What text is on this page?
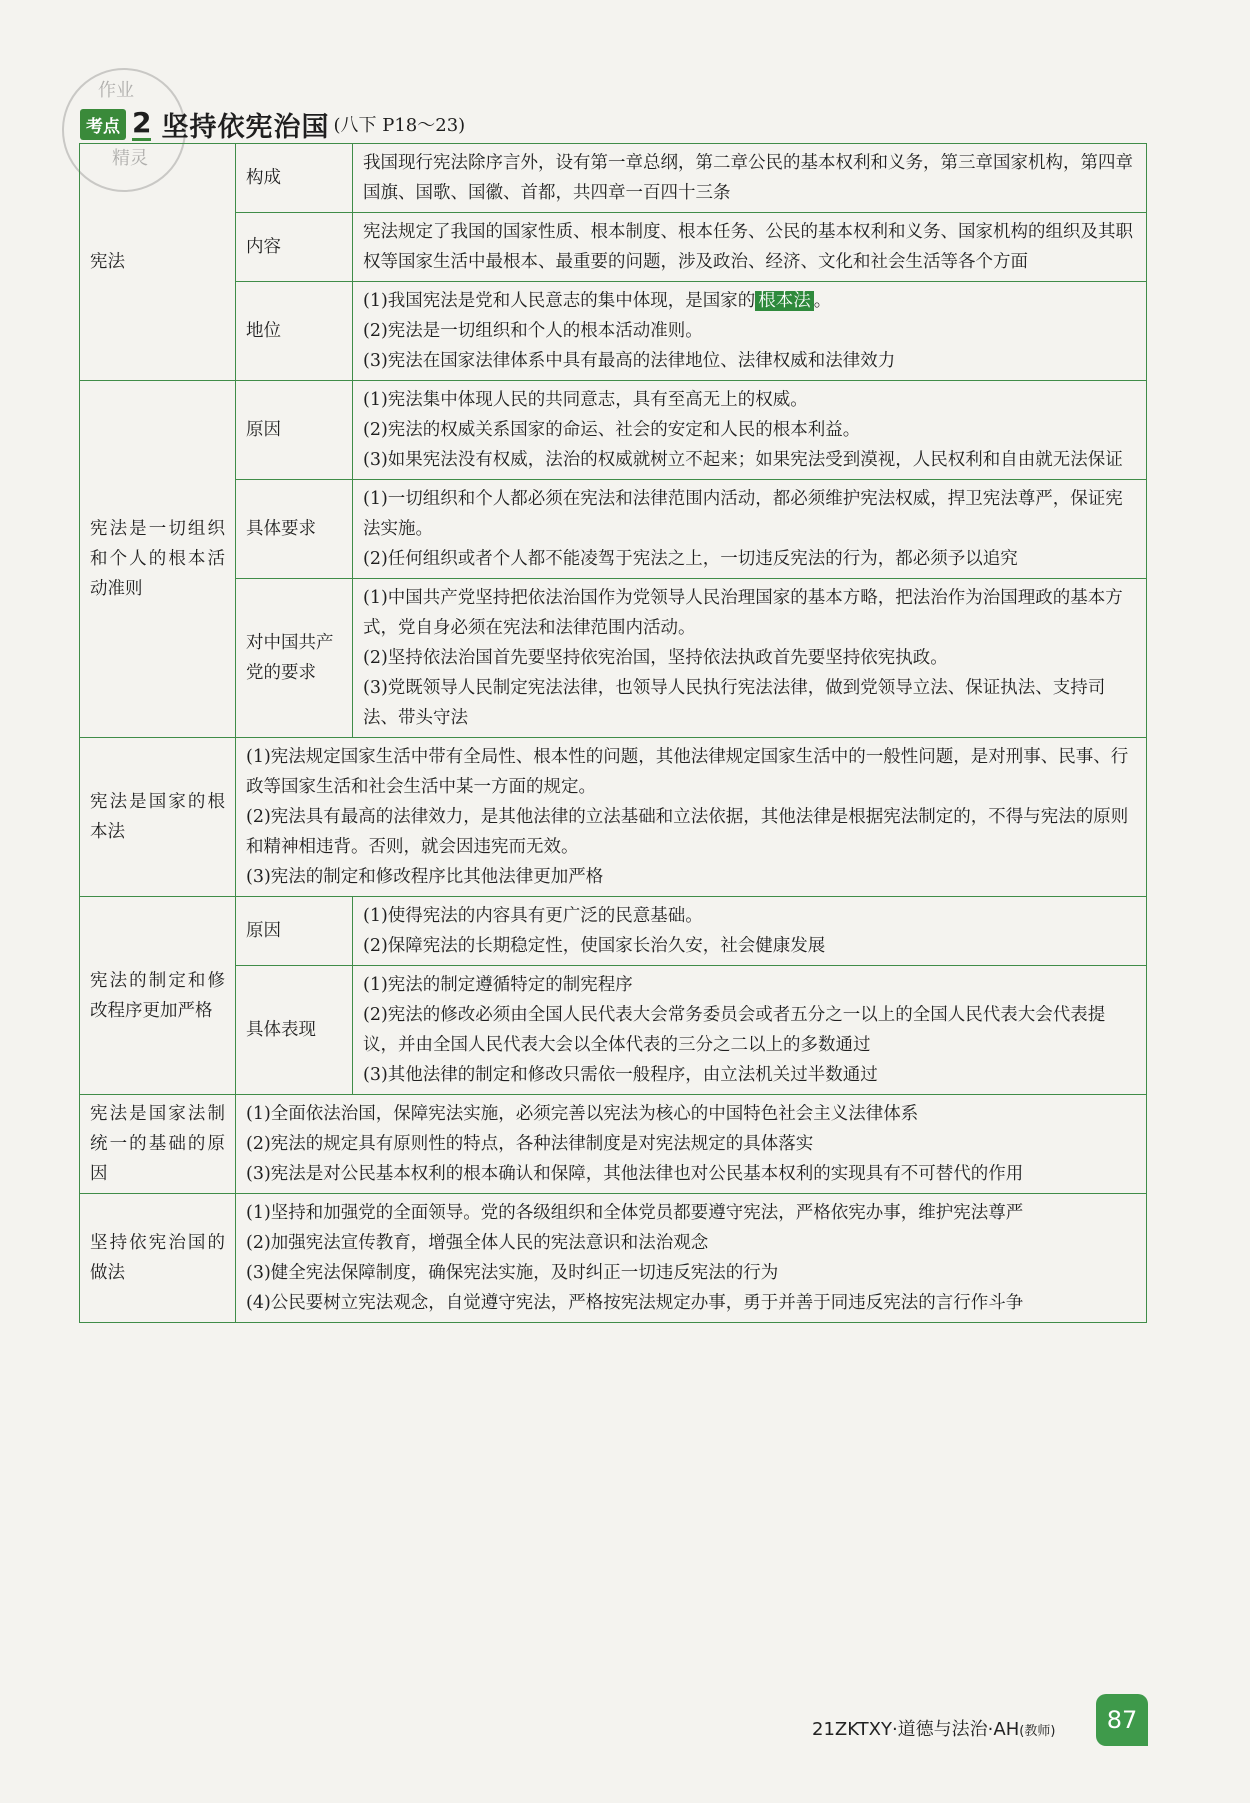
作业
精灵
考点 2 坚持依宪治国 (八下 P18～23)
宪法	构成	我国现行宪法除序言外，设有第一章总纲，第二章公民的基本权利和义务，第三章国家机构，第四章国旗、国歌、国徽、首都，共四章一百四十三条

	内容	宪法规定了我国的国家性质、根本制度、根本任务、公民的基本权利和义务、国家机构的组织及其职权等国家生活中最根本、最重要的问题，涉及政治、经济、文化和社会生活等各个方面

	地位	(1)我国宪法是党和人民意志的集中体现，是国家的 根本法 。
(2)宪法是一切组织和个人的根本活动准则。
(3)宪法在国家法律体系中具有最高的法律地位、法律权威和法律效力

宪法是一切组织和个人的根本活动准则	原因	(1)宪法集中体现人民的共同意志，具有至高无上的权威。
(2)宪法的权威关系国家的命运、社会的安定和人民的根本利益。
(3)如果宪法没有权威，法治的权威就树立不起来；如果宪法受到漠视，人民权利和自由就无法保证

	具体要求	(1)一切组织和个人都必须在宪法和法律范围内活动，都必须维护宪法权威，捍卫宪法尊严，保证宪法实施。
(2)任何组织或者个人都不能凌驾于宪法之上，一切违反宪法的行为，都必须予以追究

	对中国共产党的要求	(1)中国共产党坚持把依法治国作为党领导人民治理国家的基本方略，把法治作为治国理政的基本方式，党自身必须在宪法和法律范围内活动。
(2)坚持依法治国首先要坚持依宪治国，坚持依法执政首先要坚持依宪执政。
(3)党既领导人民制定宪法法律，也领导人民执行宪法法律，做到党领导立法、保证执法、支持司法、带头守法

宪法是国家的根本法	(1)宪法规定国家生活中带有全局性、根本性的问题，其他法律规定国家生活中的一般性问题，是对刑事、民事、行政等国家生活和社会生活中某一方面的规定。
(2)宪法具有最高的法律效力，是其他法律的立法基础和立法依据，其他法律是根据宪法制定的，不得与宪法的原则和精神相违背。否则，就会因违宪而无效。
(3)宪法的制定和修改程序比其他法律更加严格	

宪法的制定和修改程序更加严格	原因	(1)使得宪法的内容具有更广泛的民意基础。
(2)保障宪法的长期稳定性，使国家长治久安，社会健康发展

	具体表现	(1)宪法的制定遵循特定的制宪程序
(2)宪法的修改必须由全国人民代表大会常务委员会或者五分之一以上的全国人民代表大会代表提议，并由全国人民代表大会以全体代表的三分之二以上的多数通过
(3)其他法律的制定和修改只需依一般程序，由立法机关过半数通过

宪法是国家法制统一的基础的原因	(1)全面依法治国，保障宪法实施，必须完善以宪法为核心的中国特色社会主义法律体系
(2)宪法的规定具有原则性的特点，各种法律制度是对宪法规定的具体落实
(3)宪法是对公民基本权利的根本确认和保障，其他法律也对公民基本权利的实现具有不可替代的作用	

坚持依宪治国的做法	(1)坚持和加强党的全面领导。党的各级组织和全体党员都要遵守宪法，严格依宪办事，维护宪法尊严
(2)加强宪法宣传教育，增强全体人民的宪法意识和法治观念
(3)健全宪法保障制度，确保宪法实施，及时纠正一切违反宪法的行为
(4)公民要树立宪法观念，自觉遵守宪法，严格按宪法规定办事，勇于并善于同违反宪法的言行作斗争	
21ZKTXY·道德与法治·AH(教师)	87
